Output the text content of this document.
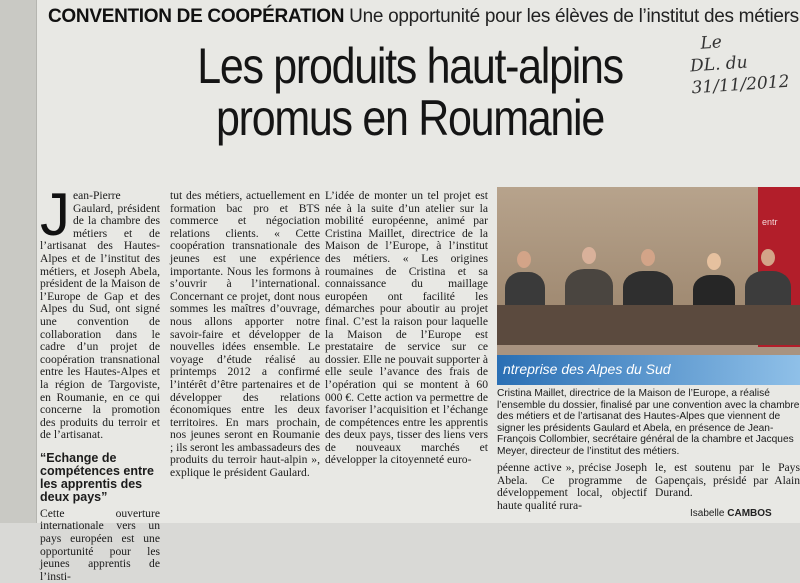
CONVENTION DE COOPÉRATION Une opportunité pour les élèves de l’institut des métiers
Les produits haut-alpins
promus en Roumanie
Le
DL. du
31/11/2012
J ean-Pierre Gaulard, président de la chambre des métiers et de l’artisanat des Hautes-Alpes et de l’institut des métiers, et Joseph Abela, président de la Maison de l’Europe de Gap et des Alpes du Sud, ont signé une convention de collaboration dans le cadre d’un projet de coopération transnational entre les Hautes-Alpes et la région de Targoviste, en Roumanie, en ce qui concerne la promotion des produits du terroir et de l’artisanat.
“Echange de compétences entre les apprentis des deux pays”
Cette ouverture internationale vers un pays européen est une opportunité pour les jeunes apprentis de l’insti-
tut des métiers, actuellement en formation bac pro et BTS commerce et négociation relations clients. « Cette coopération transnationale des jeunes est une expérience importante. Nous les formons à s’ouvrir à l’international. Concernant ce projet, dont nous sommes les maîtres d’ouvrage, nous allons apporter notre savoir-faire et développer de nouvelles idées ensemble. Le voyage d’étude réalisé au printemps 2012 a confirmé l’intérêt d’être partenaires et de développer des relations économiques entre les deux territoires. En mars prochain, nos jeunes seront en Roumanie ; ils seront les ambassadeurs des produits du terroir haut-alpin », explique le président Gaulard.
L’idée de monter un tel projet est née à la suite d’un atelier sur la mobilité européenne, animé par Cristina Maillet, directrice de la Maison de l’Europe, à l’institut des métiers. « Les origines roumaines de Cristina et sa connaissance du maillage européen ont facilité les démarches pour aboutir au projet final. C’est la raison pour laquelle la Maison de l’Europe est prestataire de service sur ce dossier. Elle ne pouvait supporter à elle seule l’avance des frais de l’opération qui se montent à 60 000 €. Cette action va permettre de favoriser l’acquisition et l’échange de compétences entre les apprentis des deux pays, tisser des liens vers de nouveaux marchés et développer la citoyenneté euro-
entr
ntreprise des Alpes du Sud
Cristina Maillet, directrice de la Maison de l’Europe, a réalisé l’ensemble du dossier, finalisé par une convention avec la chambre des métiers et de l’artisanat des Hautes-Alpes que viennent de signer les présidents Gaulard et Abela, en présence de Jean-François Collombier, secrétaire général de la chambre et Jacques Meyer, directeur de l’institut des métiers.
péenne active », précise Joseph Abela. Ce programme de développement local, objectif haute qualité rura-
le, est soutenu par le Pays Gapençais, présidé par Alain Durand.
Isabelle CAMBOS
